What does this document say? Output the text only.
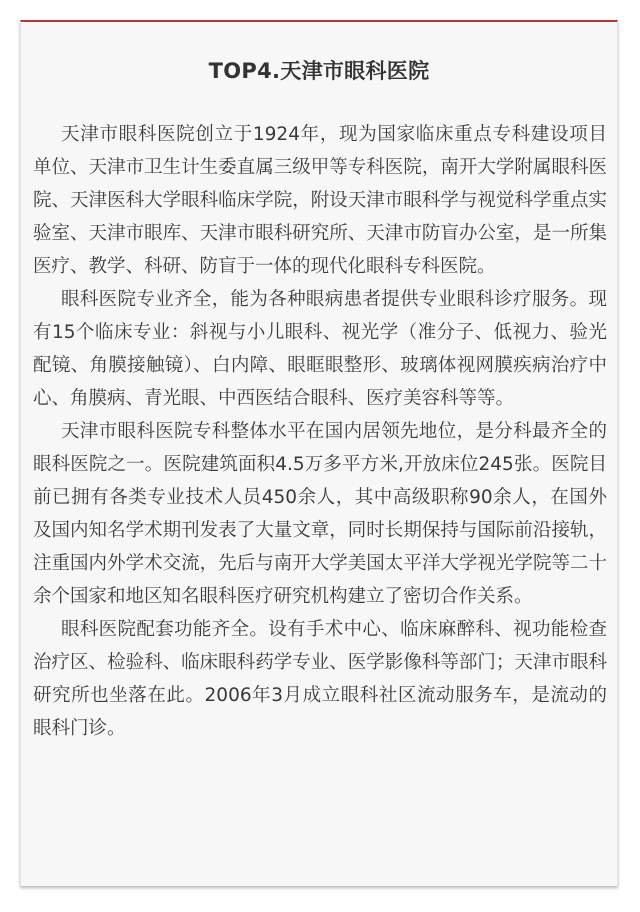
TOP4.天津市眼科医院

天津市眼科医院创立于1924年，现为国家临床重点专科建设项目单位、天津市卫生计生委直属三级甲等专科医院，南开大学附属眼科医院、天津医科大学眼科临床学院，附设天津市眼科学与视觉科学重点实验室、天津市眼库、天津市眼科研究所、天津市防盲办公室，是一所集医疗、教学、科研、防盲于一体的现代化眼科专科医院。

眼科医院专业齐全，能为各种眼病患者提供专业眼科诊疗服务。现有15个临床专业：斜视与小儿眼科、视光学（准分子、低视力、验光配镜、角膜接触镜）、白内障、眼眶眼整形、玻璃体视网膜疾病治疗中心、角膜病、青光眼、中西医结合眼科、医疗美容科等等。

天津市眼科医院专科整体水平在国内居领先地位，是分科最齐全的眼科医院之一。医院建筑面积4.5万多平方米,开放床位245张。医院目前已拥有各类专业技术人员450余人，其中高级职称90余人，在国外及国内知名学术期刊发表了大量文章，同时长期保持与国际前沿接轨，注重国内外学术交流，先后与南开大学美国太平洋大学视光学院等二十余个国家和地区知名眼科医疗研究机构建立了密切合作关系。

眼科医院配套功能齐全。设有手术中心、临床麻醉科、视功能检查治疗区、检验科、临床眼科药学专业、医学影像科等部门；天津市眼科研究所也坐落在此。2006年3月成立眼科社区流动服务车，是流动的眼科门诊。
